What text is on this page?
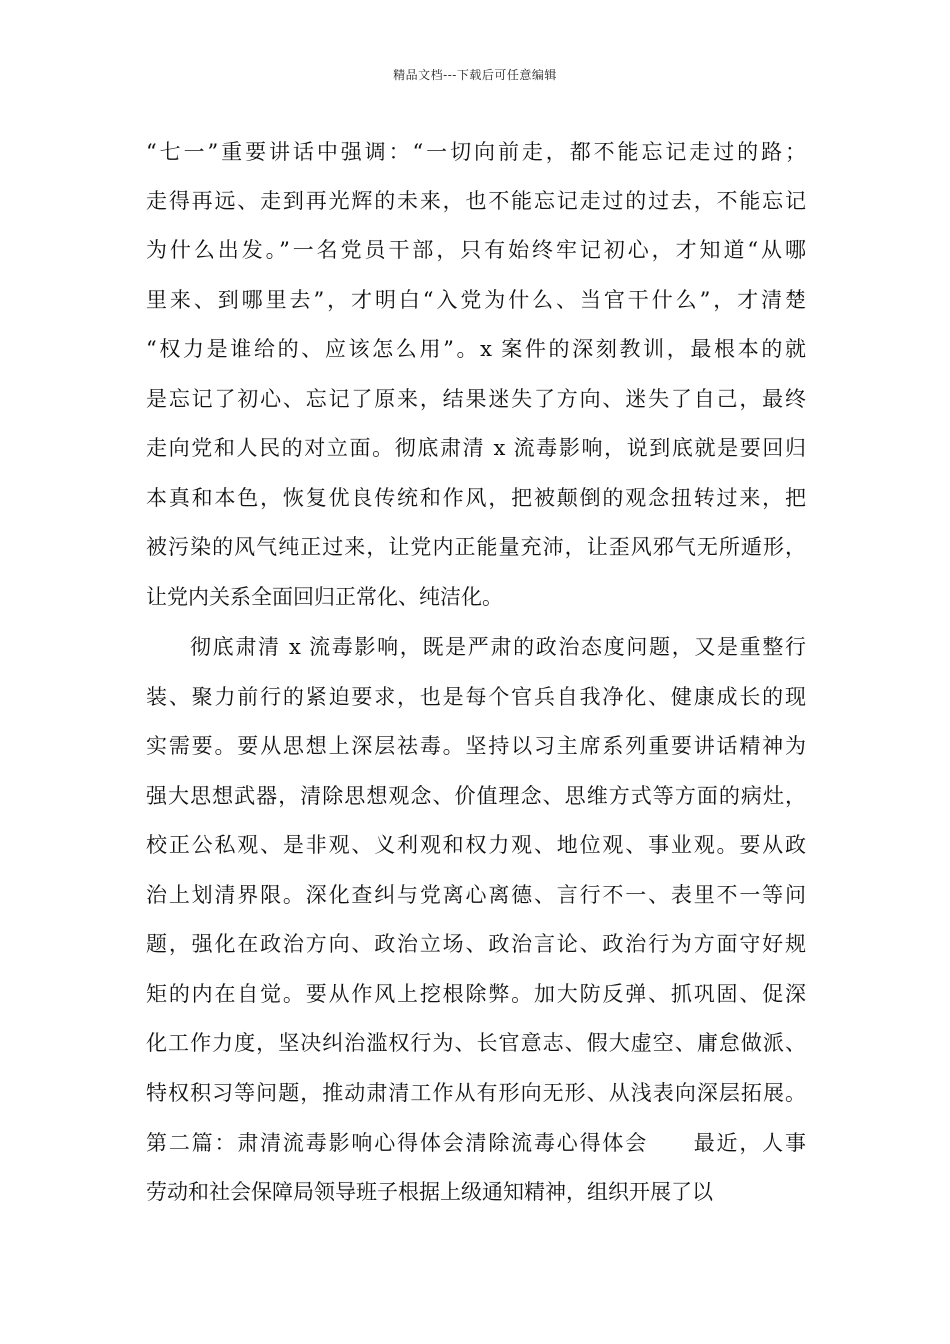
精品文档---下载后可任意编辑
“七一”重要讲话中强调：“一切向前走，都不能忘记走过的路；
走得再远、走到再光辉的未来，也不能忘记走过的过去，不能忘记
为什么出发。”一名党员干部，只有始终牢记初心，才知道“从哪
里来、到哪里去”，才明白“入党为什么、当官干什么”，才清楚
“权力是谁给的、应该怎么用”。x 案件的深刻教训，最根本的就
是忘记了初心、忘记了原来，结果迷失了方向、迷失了自己，最终
走向党和人民的对立面。彻底肃清 x 流毒影响，说到底就是要回归
本真和本色，恢复优良传统和作风，把被颠倒的观念扭转过来，把
被污染的风气纯正过来，让党内正能量充沛，让歪风邪气无所遁形，
让党内关系全面回归正常化、纯洁化。
彻底肃清 x 流毒影响，既是严肃的政治态度问题，又是重整行
装、聚力前行的紧迫要求，也是每个官兵自我净化、健康成长的现
实需要。要从思想上深层祛毒。坚持以习主席系列重要讲话精神为
强大思想武器，清除思想观念、价值理念、思维方式等方面的病灶，
校正公私观、是非观、义利观和权力观、地位观、事业观。要从政
治上划清界限。深化查纠与党离心离德、言行不一、表里不一等问
题，强化在政治方向、政治立场、政治言论、政治行为方面守好规
矩的内在自觉。要从作风上挖根除弊。加大防反弹、抓巩固、促深
化工作力度，坚决纠治滥权行为、长官意志、假大虚空、庸怠做派、
特权积习等问题，推动肃清工作从有形向无形、从浅表向深层拓展。
第二篇：肃清流毒影响心得体会清除流毒心得体会　　最近，人事
劳动和社会保障局领导班子根据上级通知精神，组织开展了以
